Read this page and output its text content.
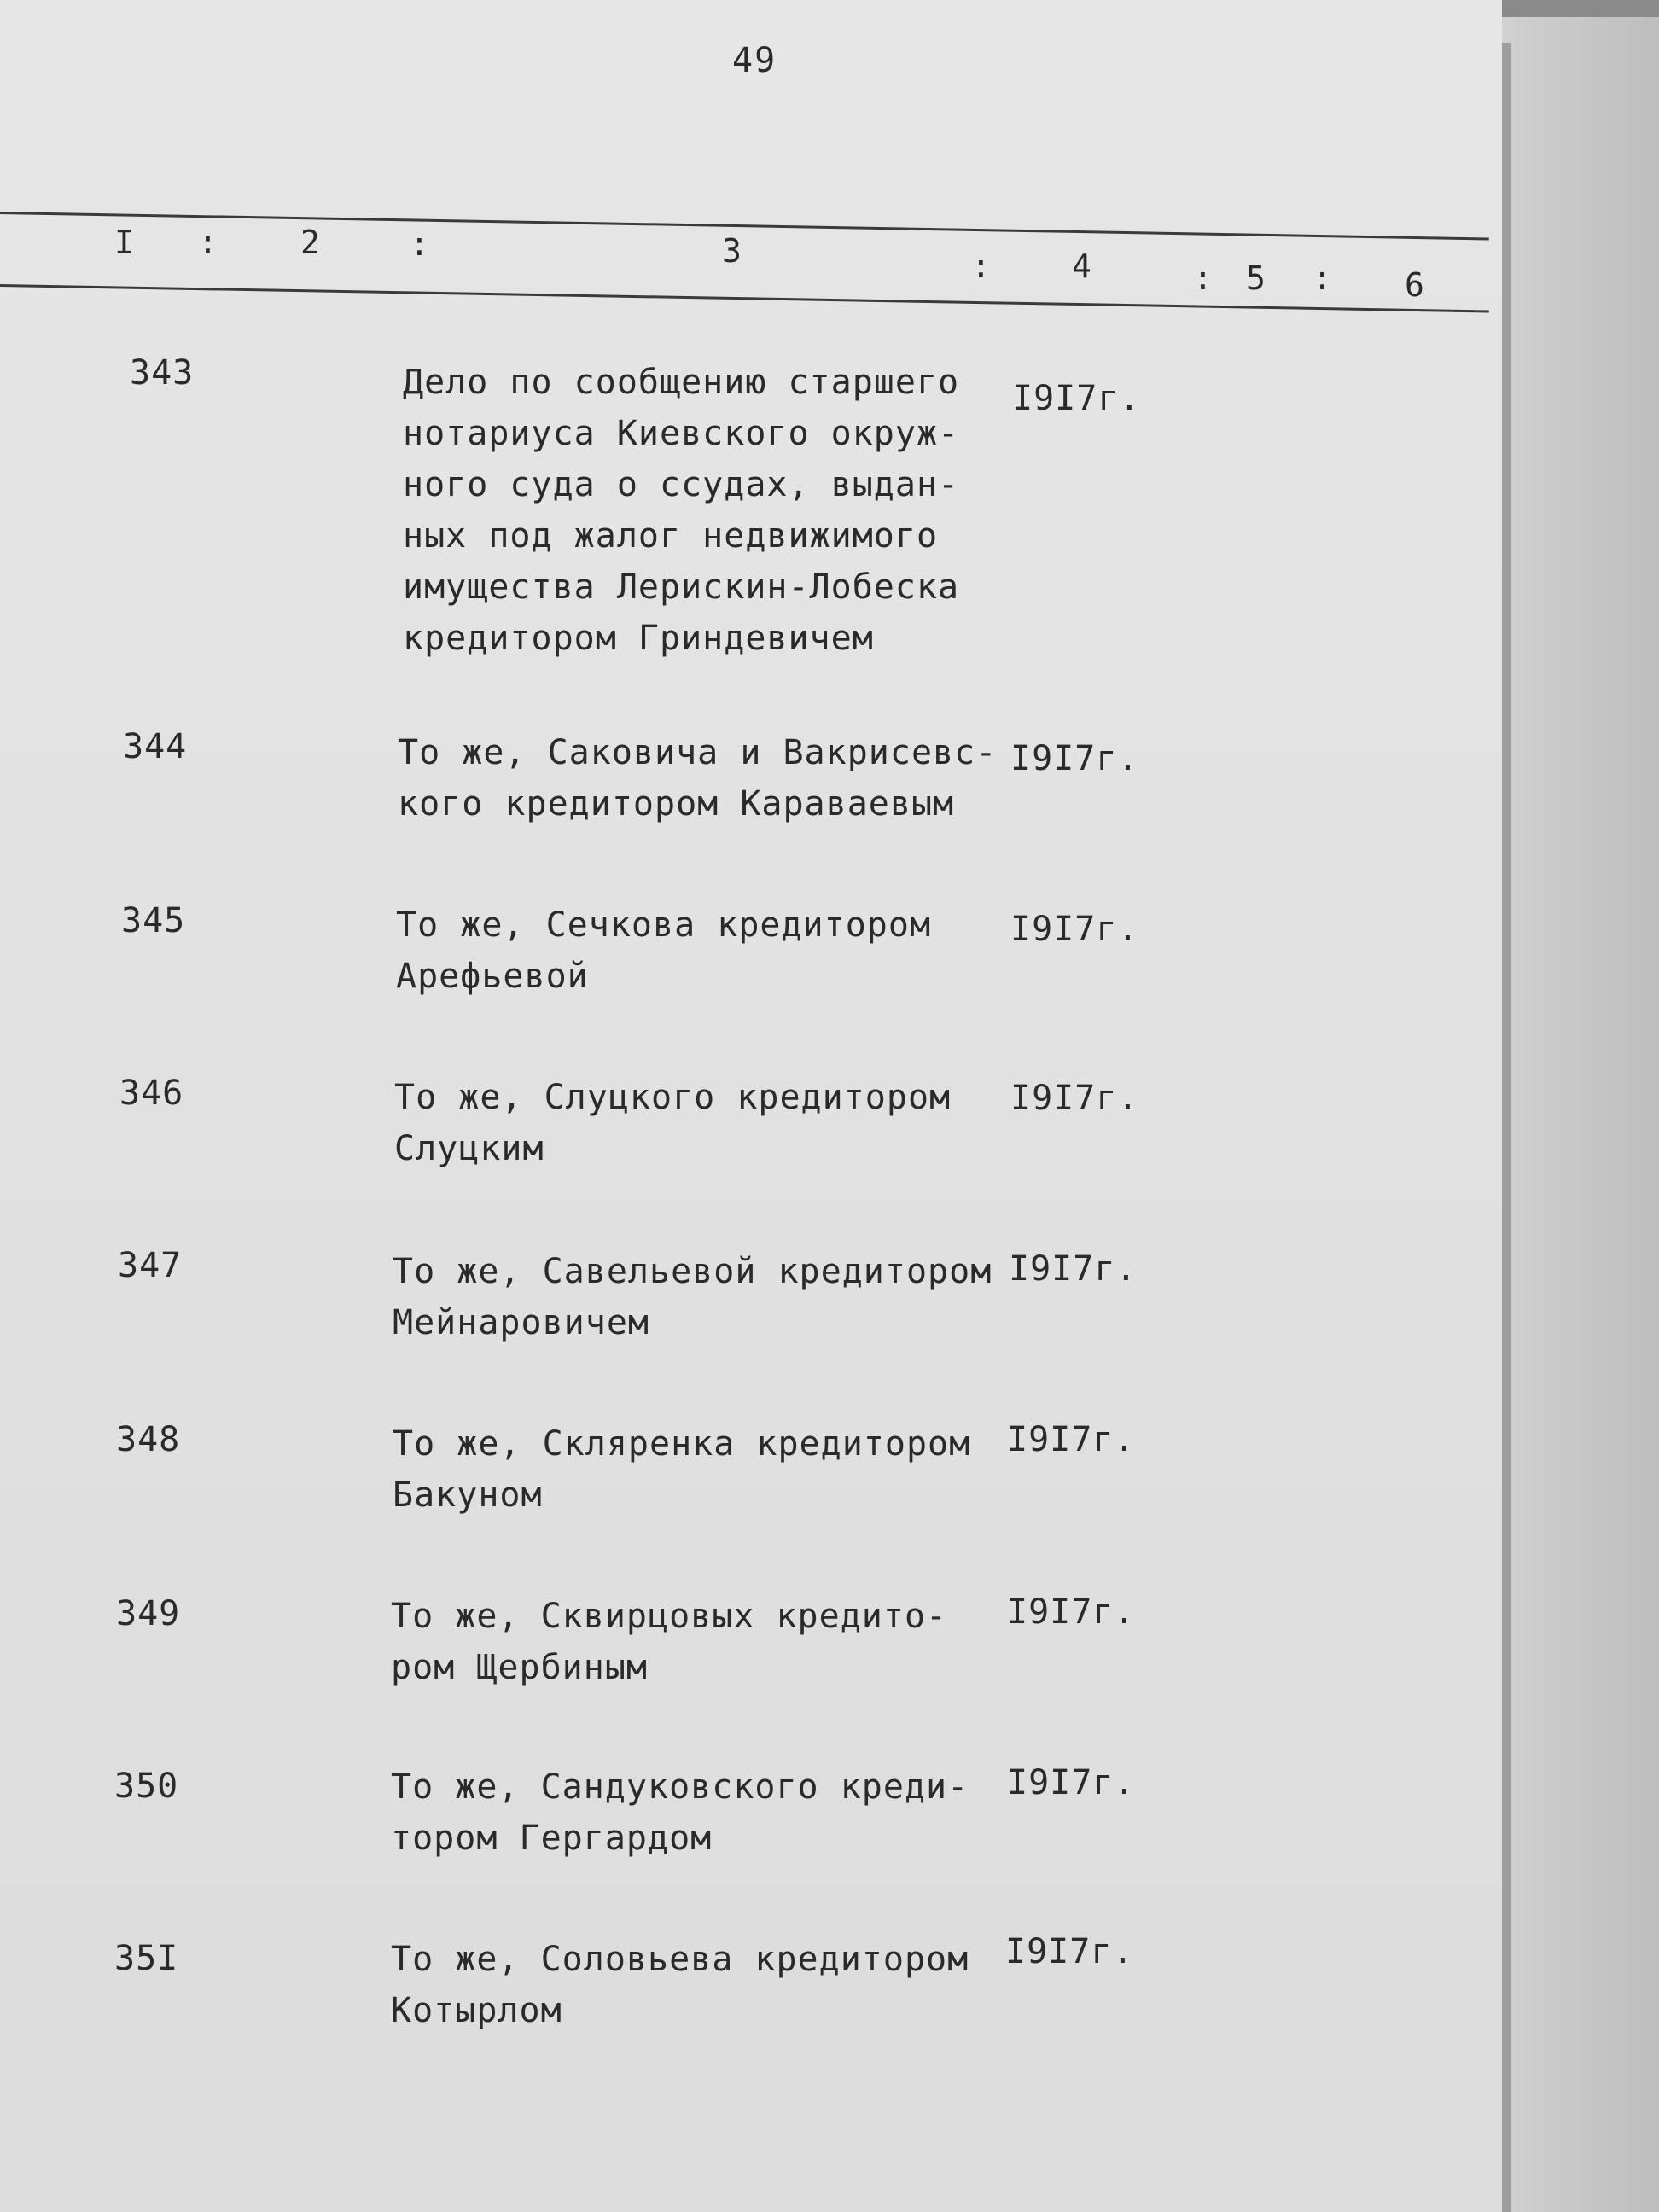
49
I :	2	:	3	:	4	: 5 : 6
343	Дело по сообщению старшего
нотариуса Киевского окруж-
ного суда о ссудах, выдан-
ных под жалог недвижимого
имущества Леpискин-Лобеска
кредитором Гриндевичем
I9I7г.
344	То же, Саковича и Вакрисевс-
кого кредитором Караваевым
I9I7г.
345	То же, Сечкова кредитором
Арефьевой
I9I7г.
346	То же, Слуцкого кредитором
Слуцким
I9I7г.
347	То же, Савельевой кредитором
Мейнаровичем
I9I7г.
348	То же, Скляренка кредитором
Бакуном
I9I7г.
349	То же, Сквирцовых кредито-
ром Щербиным
I9I7г.
350	То же, Сандуковского креди-
тором Гергардом
I9I7г.
35I	То же, Соловьева кредитором
Котырлом
I9I7г.
